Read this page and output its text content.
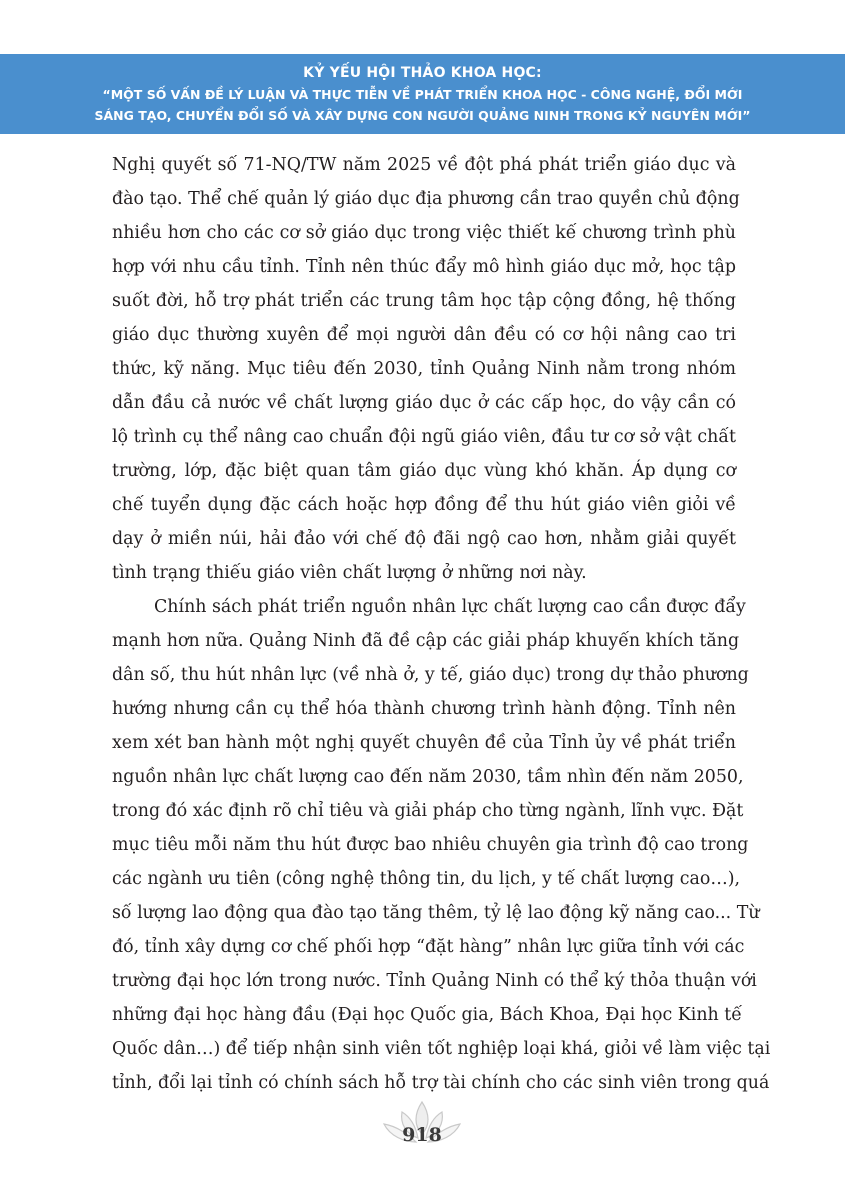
KỶ YẾU HỘI THẢO KHOA HỌC:
“MỘT SỐ VẤN ĐỀ LÝ LUẬN VÀ THỰC TIỄN VỀ PHÁT TRIỂN KHOA HỌC - CÔNG NGHỆ, ĐỔI MỚI
SÁNG TẠO, CHUYỂN ĐỔI SỐ VÀ XÂY DỰNG CON NGƯỜI QUẢNG NINH TRONG KỶ NGUYÊN MỚI”

Nghị quyết số 71-NQ/TW năm 2025 về đột phá phát triển giáo dục và
đào tạo. Thể chế quản lý giáo dục địa phương cần trao quyền chủ động
nhiều hơn cho các cơ sở giáo dục trong việc thiết kế chương trình phù
hợp với nhu cầu tỉnh. Tỉnh nên thúc đẩy mô hình giáo dục mở, học tập
suốt đời, hỗ trợ phát triển các trung tâm học tập cộng đồng, hệ thống
giáo dục thường xuyên để mọi người dân đều có cơ hội nâng cao tri
thức, kỹ năng. Mục tiêu đến 2030, tỉnh Quảng Ninh nằm trong nhóm
dẫn đầu cả nước về chất lượng giáo dục ở các cấp học, do vậy cần có
lộ trình cụ thể nâng cao chuẩn đội ngũ giáo viên, đầu tư cơ sở vật chất
trường, lớp, đặc biệt quan tâm giáo dục vùng khó khăn. Áp dụng cơ
chế tuyển dụng đặc cách hoặc hợp đồng để thu hút giáo viên giỏi về
dạy ở miền núi, hải đảo với chế độ đãi ngộ cao hơn, nhằm giải quyết
tình trạng thiếu giáo viên chất lượng ở những nơi này.

Chính sách phát triển nguồn nhân lực chất lượng cao cần được đẩy
mạnh hơn nữa. Quảng Ninh đã đề cập các giải pháp khuyến khích tăng
dân số, thu hút nhân lực (về nhà ở, y tế, giáo dục) trong dự thảo phương
hướng nhưng cần cụ thể hóa thành chương trình hành động. Tỉnh nên
xem xét ban hành một nghị quyết chuyên đề của Tỉnh ủy về phát triển
nguồn nhân lực chất lượng cao đến năm 2030, tầm nhìn đến năm 2050,
trong đó xác định rõ chỉ tiêu và giải pháp cho từng ngành, lĩnh vực. Đặt
mục tiêu mỗi năm thu hút được bao nhiêu chuyên gia trình độ cao trong
các ngành ưu tiên (công nghệ thông tin, du lịch, y tế chất lượng cao…),
số lượng lao động qua đào tạo tăng thêm, tỷ lệ lao động kỹ năng cao... Từ
đó, tỉnh xây dựng cơ chế phối hợp “đặt hàng” nhân lực giữa tỉnh với các
trường đại học lớn trong nước. Tỉnh Quảng Ninh có thể ký thỏa thuận với
những đại học hàng đầu (Đại học Quốc gia, Bách Khoa, Đại học Kinh tế
Quốc dân…) để tiếp nhận sinh viên tốt nghiệp loại khá, giỏi về làm việc tại
tỉnh, đổi lại tỉnh có chính sách hỗ trợ tài chính cho các sinh viên trong quá

918
